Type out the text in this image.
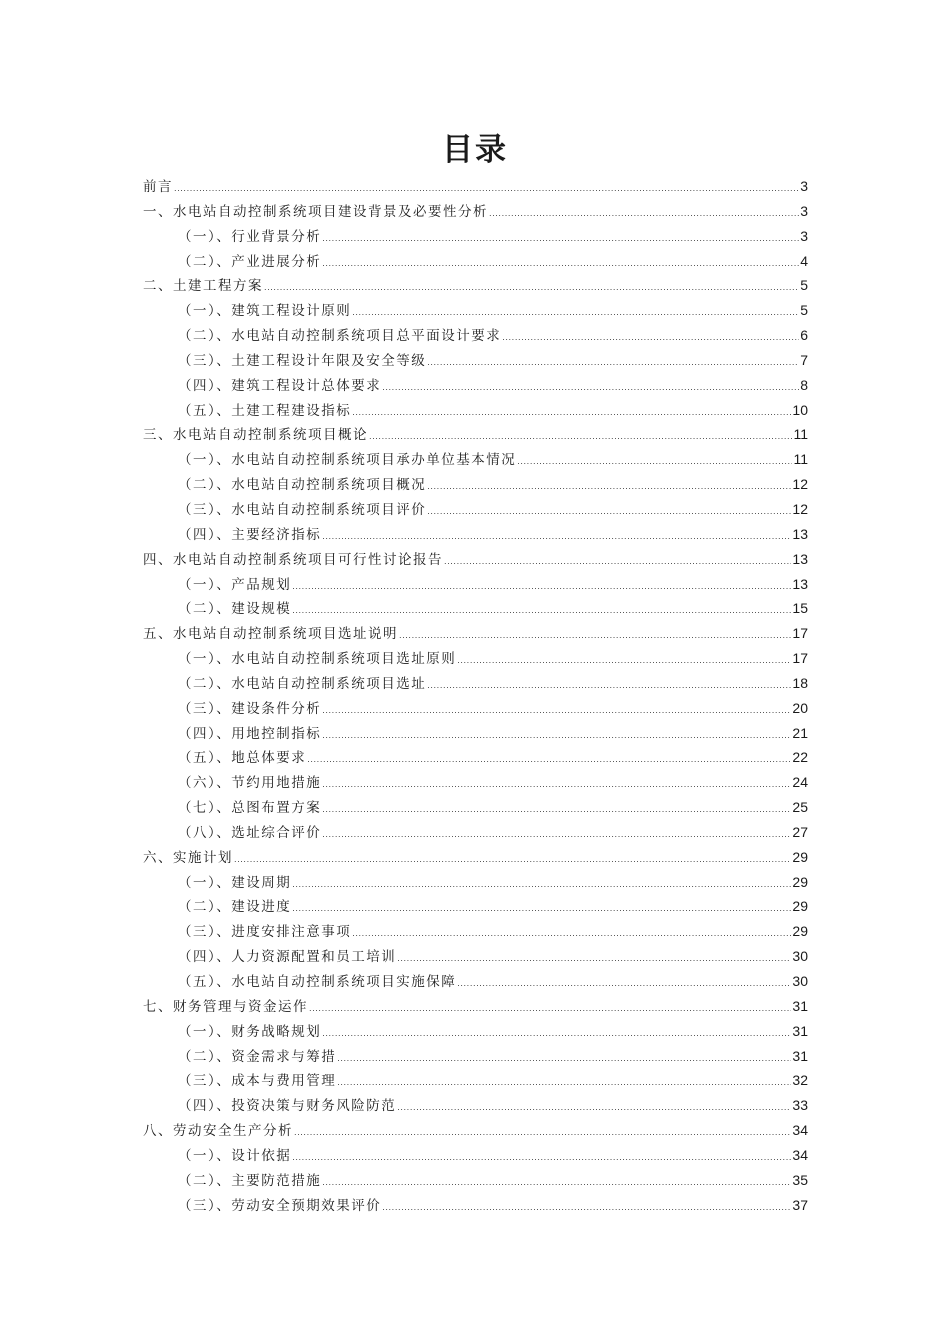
目录
前言 .....	3
一、水电站自动控制系统项目建设背景及必要性分析 .....	3
（一）、行业背景分析 .....	3
（二）、产业进展分析 .....	4
二、土建工程方案 .....	5
（一）、建筑工程设计原则 .....	5
（二）、水电站自动控制系统项目总平面设计要求 .....	6
（三）、土建工程设计年限及安全等级 .....	7
（四）、建筑工程设计总体要求 .....	8
（五）、土建工程建设指标 .....	10
三、水电站自动控制系统项目概论 .....	11
（一）、水电站自动控制系统项目承办单位基本情况 .....	11
（二）、水电站自动控制系统项目概况 .....	12
（三）、水电站自动控制系统项目评价 .....	12
（四）、主要经济指标 .....	13
四、水电站自动控制系统项目可行性讨论报告 .....	13
（一）、产品规划 .....	13
（二）、建设规模 .....	15
五、水电站自动控制系统项目选址说明 .....	17
（一）、水电站自动控制系统项目选址原则 .....	17
（二）、水电站自动控制系统项目选址 .....	18
（三）、建设条件分析 .....	20
（四）、用地控制指标 .....	21
（五）、地总体要求 .....	22
（六）、节约用地措施 .....	24
（七）、总图布置方案 .....	25
（八）、选址综合评价 .....	27
六、实施计划 .....	29
（一）、建设周期 .....	29
（二）、建设进度 .....	29
（三）、进度安排注意事项 .....	29
（四）、人力资源配置和员工培训 .....	30
（五）、水电站自动控制系统项目实施保障 .....	30
七、财务管理与资金运作 .....	31
（一）、财务战略规划 .....	31
（二）、资金需求与筹措 .....	31
（三）、成本与费用管理 .....	32
（四）、投资决策与财务风险防范 .....	33
八、劳动安全生产分析 .....	34
（一）、设计依据 .....	34
（二）、主要防范措施 .....	35
（三）、劳动安全预期效果评价 .....	37
